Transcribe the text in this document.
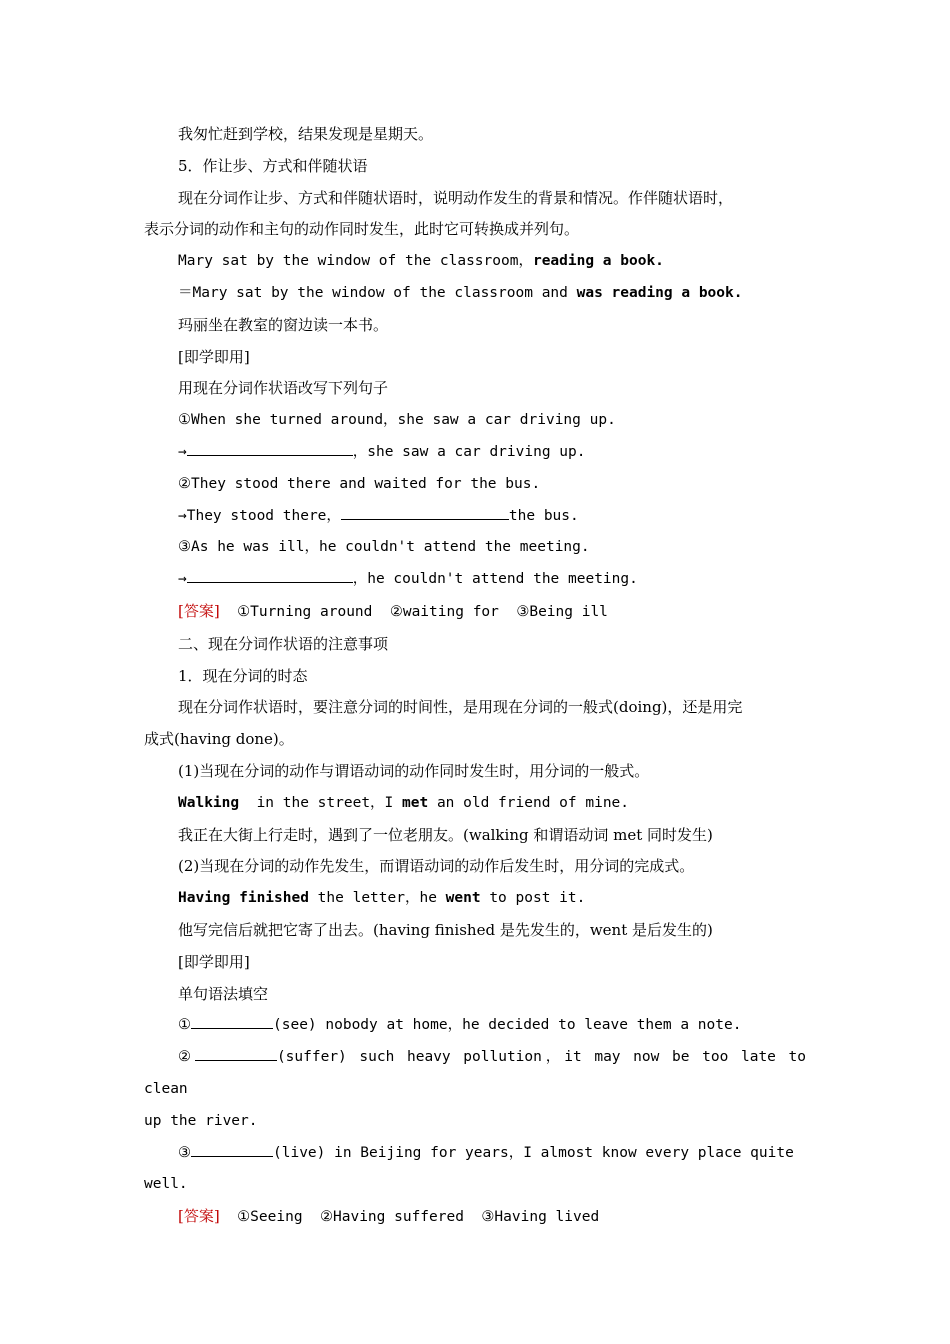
我匆忙赶到学校，结果发现是星期天。

5．作让步、方式和伴随状语

现在分词作让步、方式和伴随状语时，说明动作发生的背景和情况。作伴随状语时，

表示分词的动作和主句的动作同时发生，此时它可转换成并列句。

Mary sat by the window of the classroom，reading a book.

＝Mary sat by the window of the classroom and was reading a book.

玛丽坐在教室的窗边读一本书。

[即学即用]

用现在分词作状语改写下列句子

①When she turned around，she saw a car driving up.

→	，she saw a car driving up.

②They stood there and waited for the bus.

→They stood there，	the bus.

③As he was ill，he couldn't attend the meeting.

→	，he couldn't attend the meeting.

[答案]  ①Turning around  ②waiting for  ③Being ill

二、现在分词作状语的注意事项

1．现在分词的时态

现在分词作状语时，要注意分词的时间性，是用现在分词的一般式(doing)，还是用完

成式(having done)。

(1)当现在分词的动作与谓语动词的动作同时发生时，用分词的一般式。

Walking  in the street，I met an old friend of mine.

我正在大街上行走时，遇到了一位老朋友。(walking 和谓语动词 met 同时发生)

(2)当现在分词的动作先发生，而谓语动词的动作后发生时，用分词的完成式。

Having finished the letter，he went to post it.

他写完信后就把它寄了出去。(having finished 是先发生的，went 是后发生的)

[即学即用]

单句语法填空

①	(see) nobody at home，he decided to leave them a note.

②	(suffer) such heavy pollution，it may now be too late to clean

up the river.

③	(live) in Beijing for years，I almost know every place quite

well.

[答案]  ①Seeing  ②Having suffered  ③Having lived
